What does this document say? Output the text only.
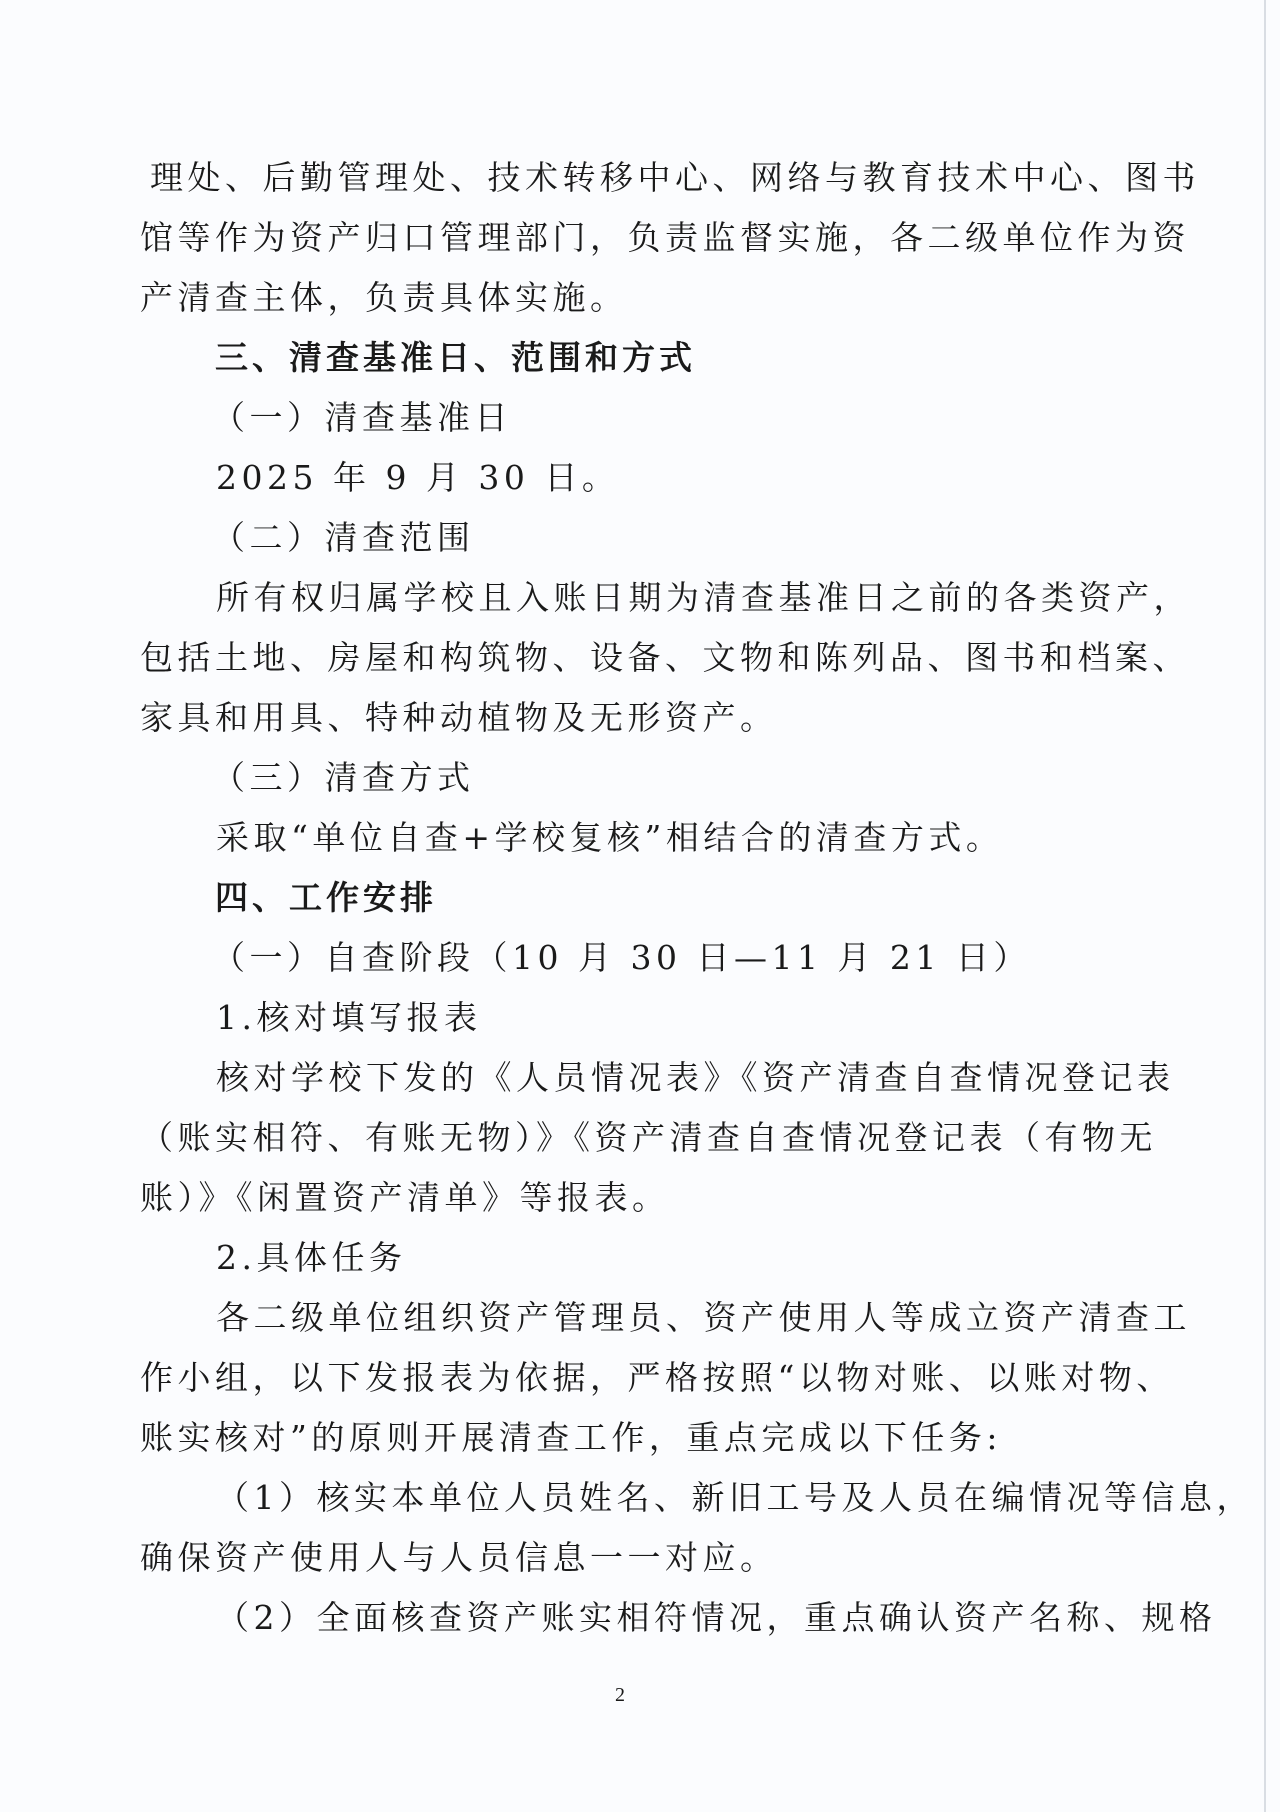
理处、后勤管理处、技术转移中心、网络与教育技术中心、图书
馆等作为资产归口管理部门，负责监督实施，各二级单位作为资
产清查主体，负责具体实施。
三、清查基准日、范围和方式
（一）清查基准日
2025 年 9 月 30 日。
（二）清查范围
所有权归属学校且入账日期为清查基准日之前的各类资产，
包括土地、房屋和构筑物、设备、文物和陈列品、图书和档案、
家具和用具、特种动植物及无形资产。
（三）清查方式
采取“单位自查+学校复核”相结合的清查方式。
四、工作安排
（一）自查阶段（10 月 30 日—11 月 21 日）
1.核对填写报表
核对学校下发的《人员情况表》《资产清查自查情况登记表
（账实相符、有账无物）》《资产清查自查情况登记表（有物无
账）》《闲置资产清单》等报表。
2.具体任务
各二级单位组织资产管理员、资产使用人等成立资产清查工
作小组，以下发报表为依据，严格按照“以物对账、以账对物、
账实核对”的原则开展清查工作，重点完成以下任务:
（1）核实本单位人员姓名、新旧工号及人员在编情况等信息，
确保资产使用人与人员信息一一对应。
（2）全面核查资产账实相符情况，重点确认资产名称、规格
2
